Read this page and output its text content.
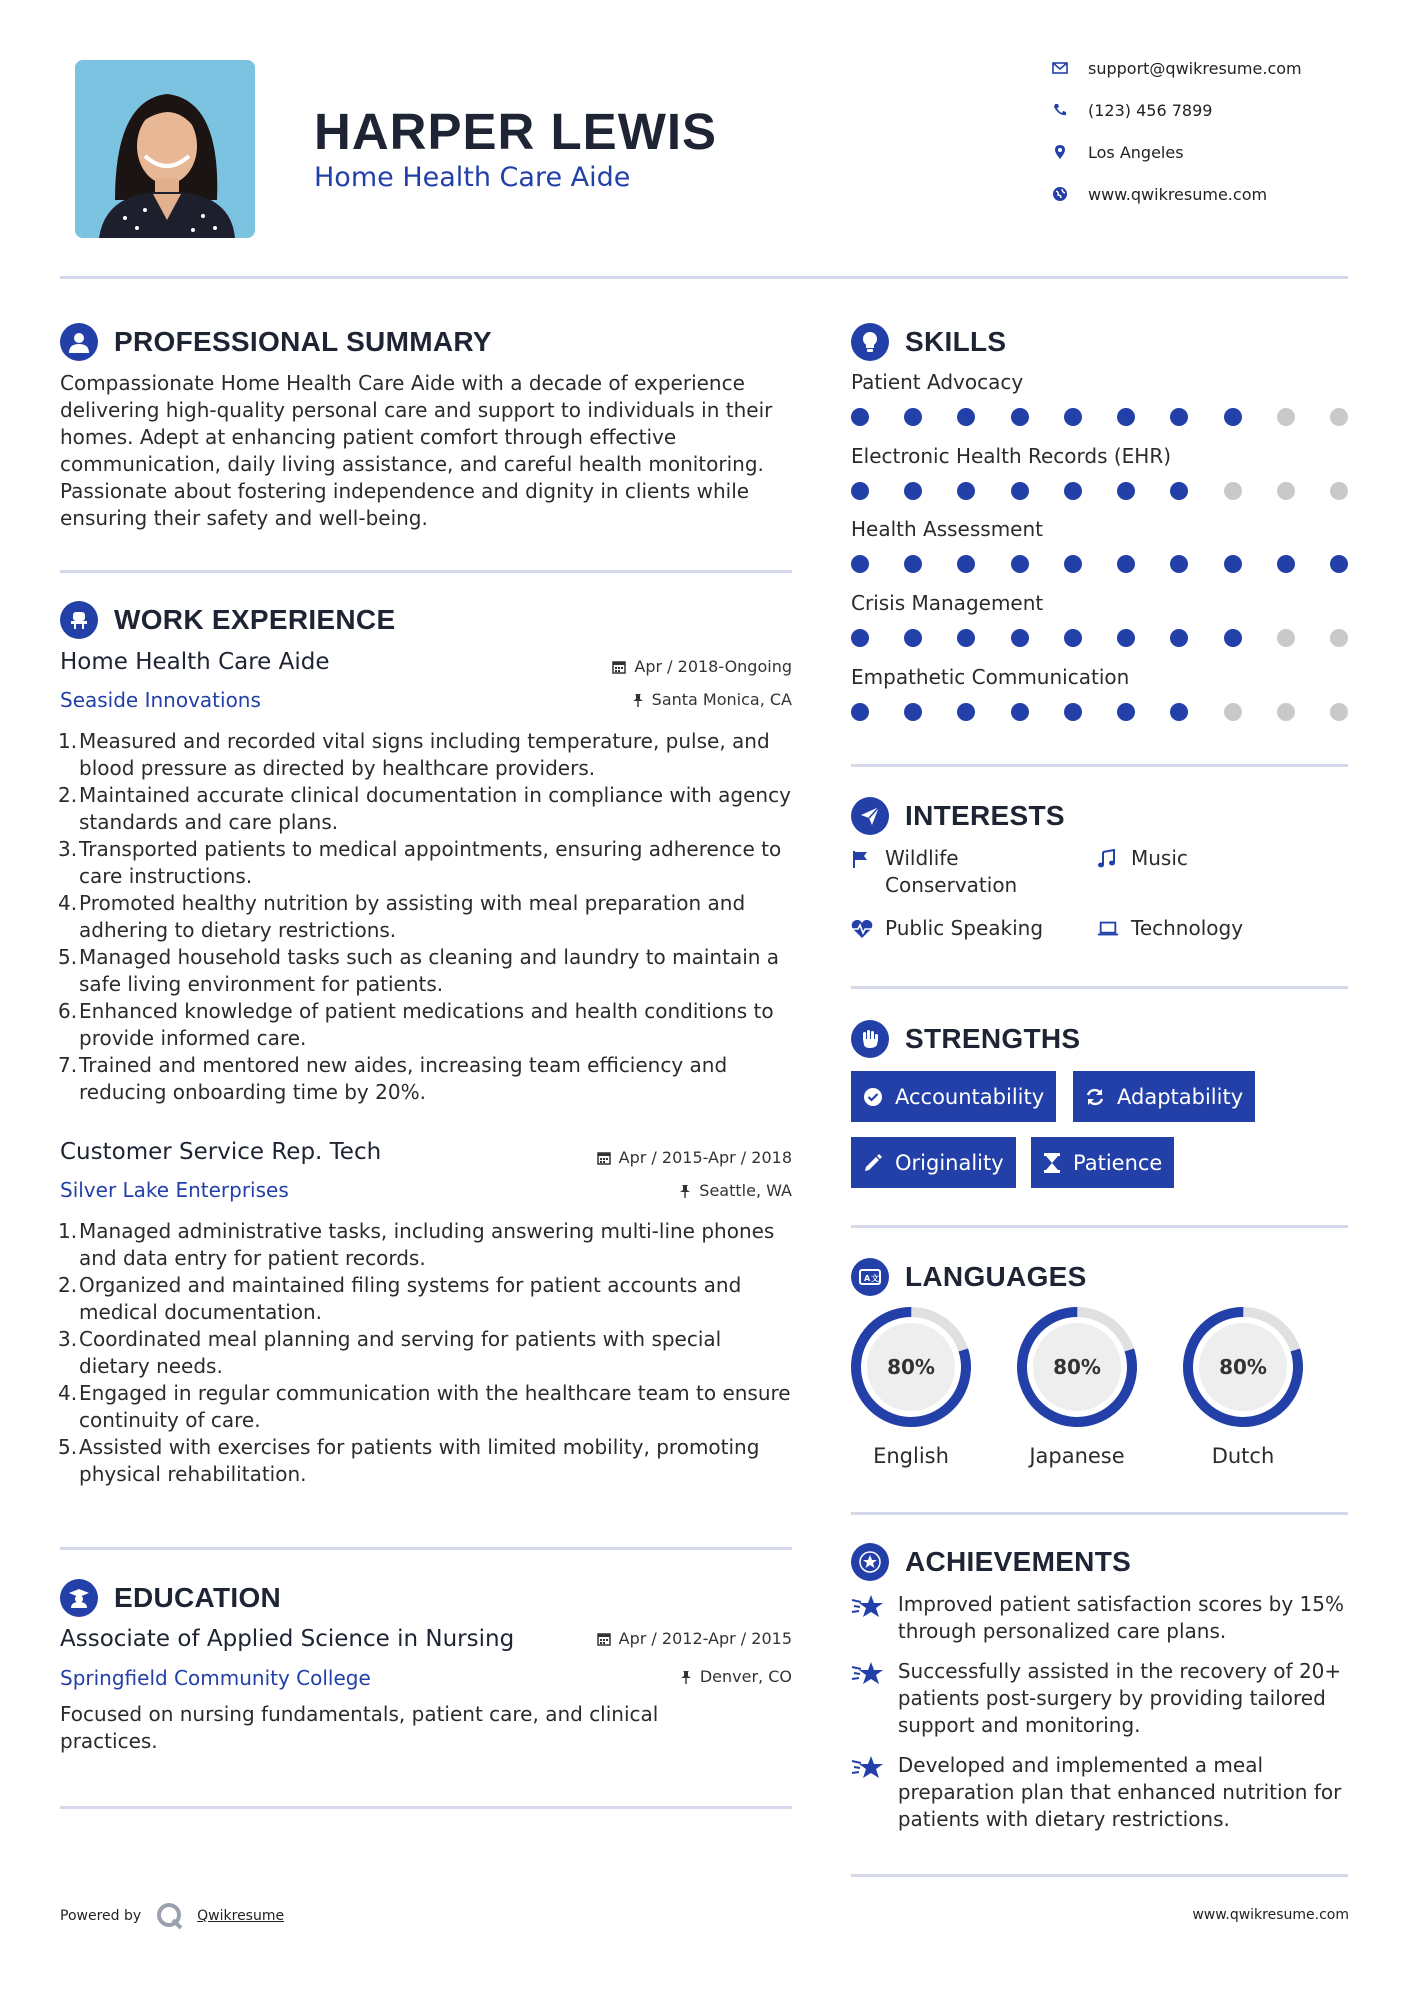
HARPER LEWIS
Home Health Care Aide
support@qwikresume.com
(123) 456 7899
Los Angeles
www.qwikresume.com
PROFESSIONAL SUMMARY
Compassionate Home Health Care Aide with a decade of experience delivering high-quality personal care and support to individuals in their homes. Adept at enhancing patient comfort through effective communication, daily living assistance, and careful health monitoring. Passionate about fostering independence and dignity in clients while ensuring their safety and well-being.
WORK EXPERIENCE
Home Health Care Aide	Apr / 2018-Ongoing
Seaside Innovations	Santa Monica, CA
1. Measured and recorded vital signs including temperature, pulse, and blood pressure as directed by healthcare providers.
2. Maintained accurate clinical documentation in compliance with agency standards and care plans.
3. Transported patients to medical appointments, ensuring adherence to care instructions.
4. Promoted healthy nutrition by assisting with meal preparation and adhering to dietary restrictions.
5. Managed household tasks such as cleaning and laundry to maintain a safe living environment for patients.
6. Enhanced knowledge of patient medications and health conditions to provide informed care.
7. Trained and mentored new aides, increasing team efficiency and reducing onboarding time by 20%.
Customer Service Rep. Tech	Apr / 2015-Apr / 2018
Silver Lake Enterprises	Seattle, WA
1. Managed administrative tasks, including answering multi-line phones and data entry for patient records.
2. Organized and maintained filing systems for patient accounts and medical documentation.
3. Coordinated meal planning and serving for patients with special dietary needs.
4. Engaged in regular communication with the healthcare team to ensure continuity of care.
5. Assisted with exercises for patients with limited mobility, promoting physical rehabilitation.
EDUCATION
Associate of Applied Science in Nursing	Apr / 2012-Apr / 2015
Springfield Community College	Denver, CO
Focused on nursing fundamentals, patient care, and clinical practices.
SKILLS
Patient Advocacy
Electronic Health Records (EHR)
Health Assessment
Crisis Management
Empathetic Communication
INTERESTS
Wildlife Conservation
Music
Public Speaking	Technology
STRENGTHS
Accountability	Adaptability
Originality	Patience
A 文 LANGUAGES
80%
English
80%
Japanese
80%
Dutch
ACHIEVEMENTS
Improved patient satisfaction scores by 15% through personalized care plans.
Successfully assisted in the recovery of 20+ patients post-surgery by providing tailored support and monitoring.
Developed and implemented a meal preparation plan that enhanced nutrition for patients with dietary restrictions.
Powered by	Qwikresume	www.qwikresume.com
